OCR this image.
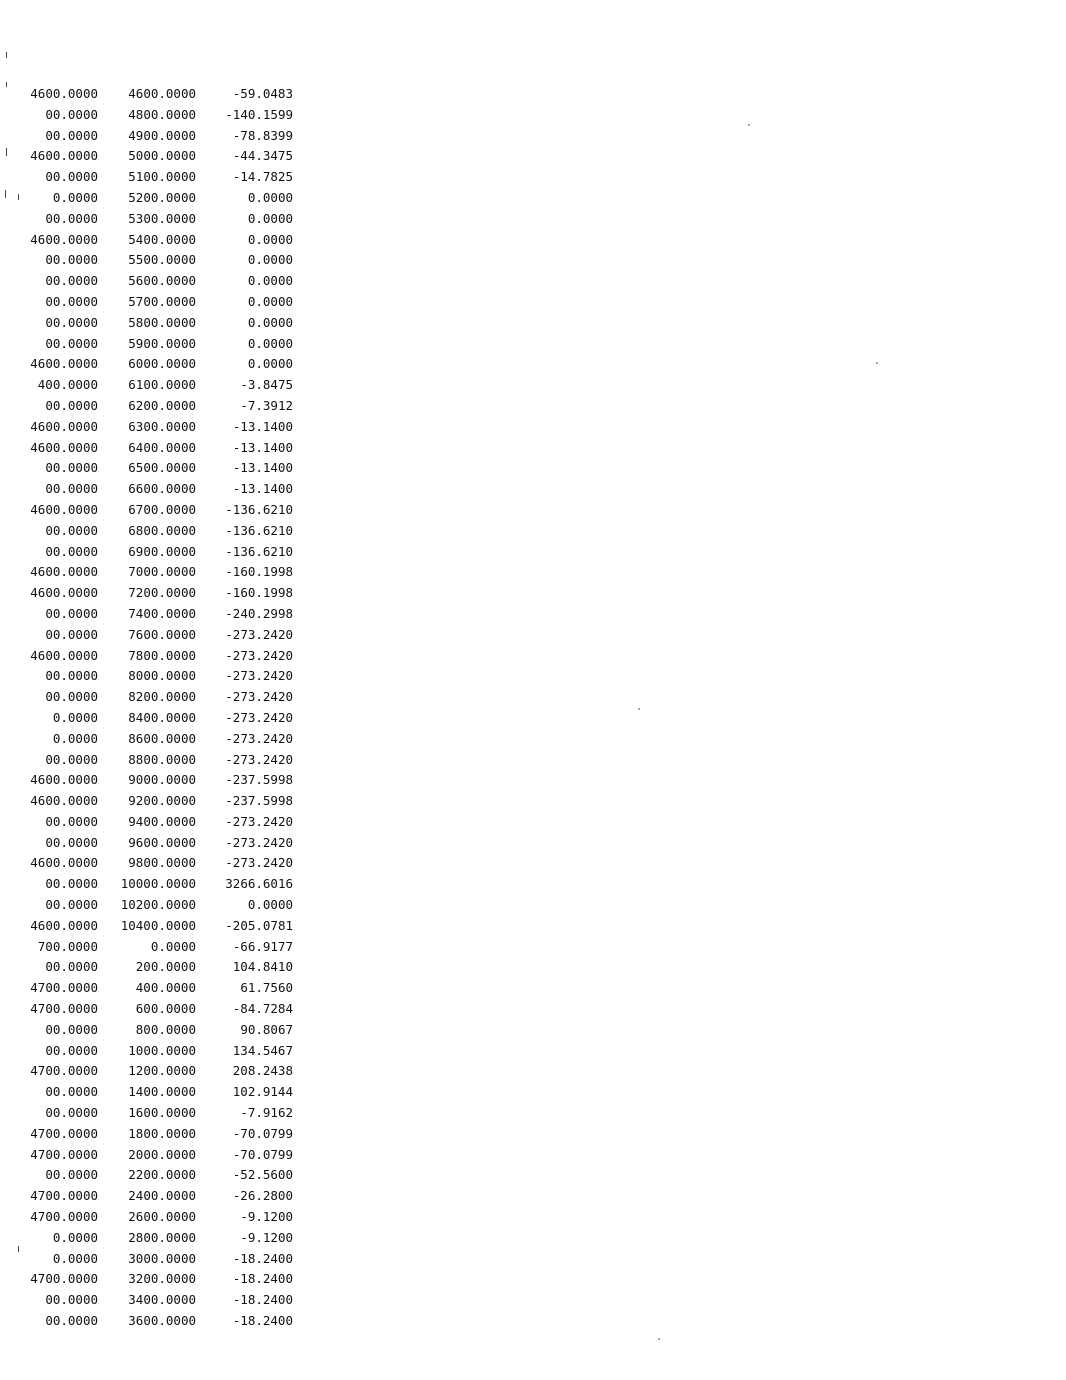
4600.0000	4600.0000	-59.0483
00.0000	4800.0000	-140.1599
00.0000	4900.0000	-78.8399
4600.0000	5000.0000	-44.3475
00.0000	5100.0000	-14.7825
0.0000	5200.0000	0.0000
00.0000	5300.0000	0.0000
4600.0000	5400.0000	0.0000
00.0000	5500.0000	0.0000
00.0000	5600.0000	0.0000
00.0000	5700.0000	0.0000
00.0000	5800.0000	0.0000
00.0000	5900.0000	0.0000
4600.0000	6000.0000	0.0000
400.0000	6100.0000	-3.8475
00.0000	6200.0000	-7.3912
4600.0000	6300.0000	-13.1400
4600.0000	6400.0000	-13.1400
00.0000	6500.0000	-13.1400
00.0000	6600.0000	-13.1400
4600.0000	6700.0000	-136.6210
00.0000	6800.0000	-136.6210
00.0000	6900.0000	-136.6210
4600.0000	7000.0000	-160.1998
4600.0000	7200.0000	-160.1998
00.0000	7400.0000	-240.2998
00.0000	7600.0000	-273.2420
4600.0000	7800.0000	-273.2420
00.0000	8000.0000	-273.2420
00.0000	8200.0000	-273.2420
0.0000	8400.0000	-273.2420
0.0000	8600.0000	-273.2420
00.0000	8800.0000	-273.2420
4600.0000	9000.0000	-237.5998
4600.0000	9200.0000	-237.5998
00.0000	9400.0000	-273.2420
00.0000	9600.0000	-273.2420
4600.0000	9800.0000	-273.2420
00.0000	10000.0000	3266.6016
00.0000	10200.0000	0.0000
4600.0000	10400.0000	-205.0781
700.0000	0.0000	-66.9177
00.0000	200.0000	104.8410
4700.0000	400.0000	61.7560
4700.0000	600.0000	-84.7284
00.0000	800.0000	90.8067
00.0000	1000.0000	134.5467
4700.0000	1200.0000	208.2438
00.0000	1400.0000	102.9144
00.0000	1600.0000	-7.9162
4700.0000	1800.0000	-70.0799
4700.0000	2000.0000	-70.0799
00.0000	2200.0000	-52.5600
4700.0000	2400.0000	-26.2800
4700.0000	2600.0000	-9.1200
0.0000	2800.0000	-9.1200
0.0000	3000.0000	-18.2400
4700.0000	3200.0000	-18.2400
00.0000	3400.0000	-18.2400
00.0000	3600.0000	-18.2400
